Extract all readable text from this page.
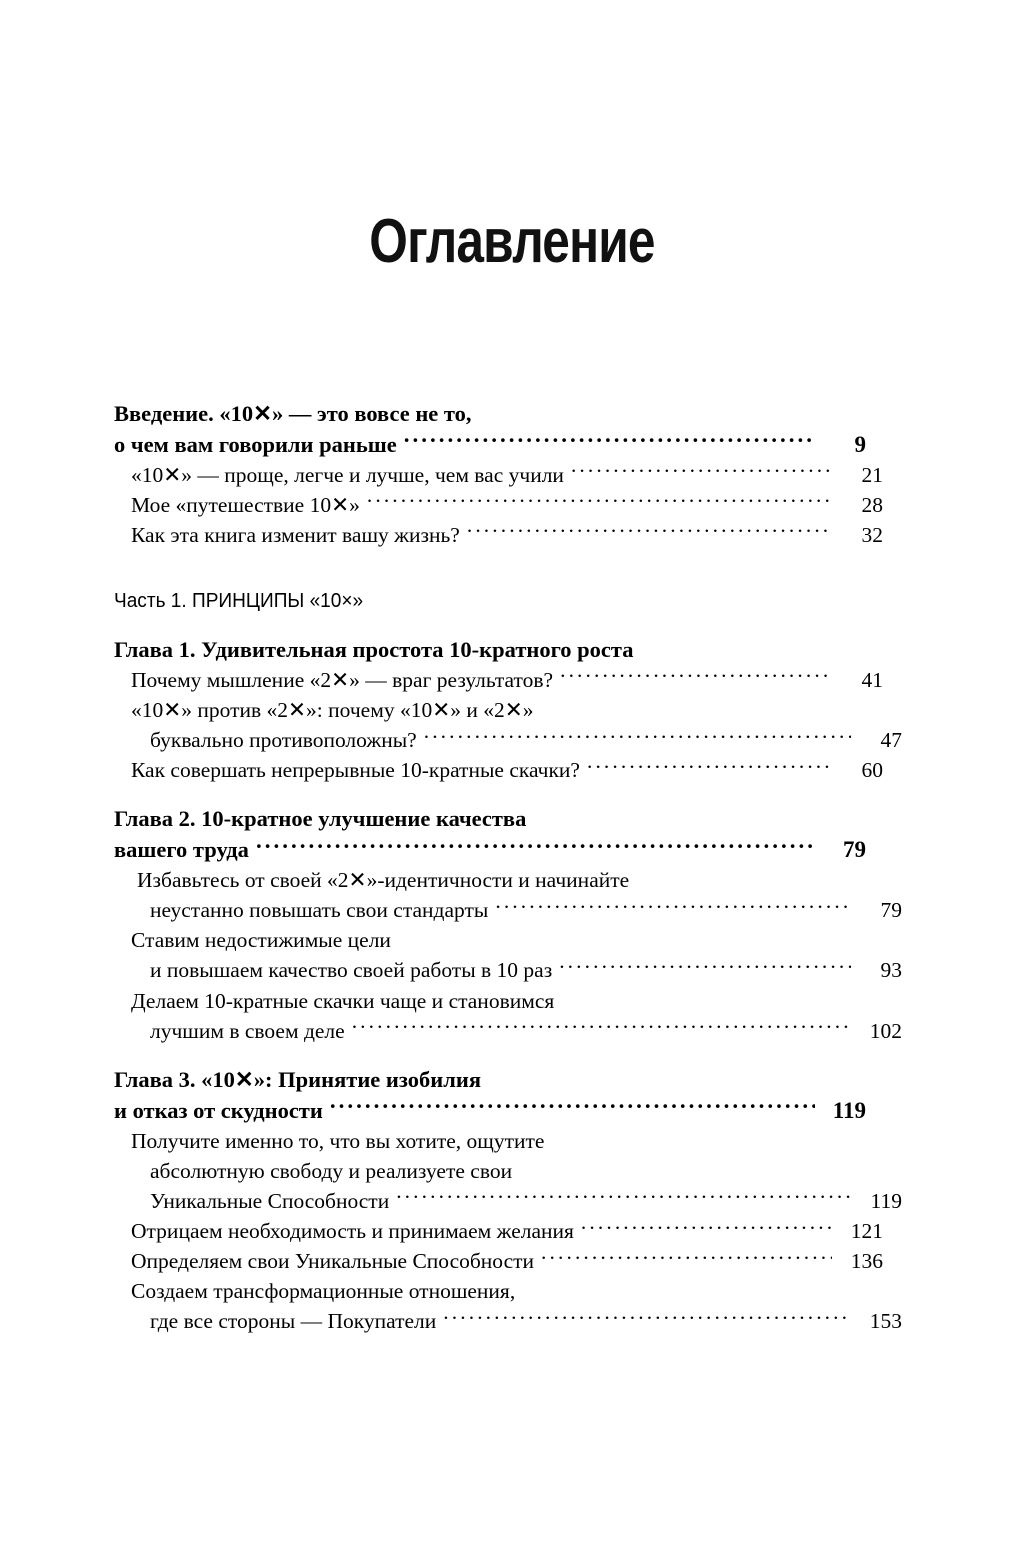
Оглавление
Введение. «10✕» — это вовсе не то,
о чем вам говорили раньше .....	9
«10✕» — проще, легче и лучше, чем вас учили .....	21
Мое «путешествие 10✕» .....	28
Как эта книга изменит вашу жизнь? .....	32
Часть 1. ПРИНЦИПЫ «10×»
Глава 1. Удивительная простота 10-кратного роста
Почему мышление «2✕» — враг результатов? .....	41
«10✕» против «2✕»: почему «10✕» и «2✕»
буквально противоположны? .....	47
Как совершать непрерывные 10-кратные скачки? .....	60
Глава 2. 10-кратное улучшение качества
вашего труда .....	79
Избавьтесь от своей «2✕»-идентичности и начинайте
неустанно повышать свои стандарты .....	79
Ставим недостижимые цели
и повышаем качество своей работы в 10 раз .....	93
Делаем 10-кратные скачки чаще и становимся
лучшим в своем деле .....	102
Глава 3. «10✕»: Принятие изобилия
и отказ от скудности .....	119
Получите именно то, что вы хотите, ощутите
абсолютную свободу и реализуете свои
Уникальные Способности .....	119
Отрицаем необходимость и принимаем желания .....	121
Определяем свои Уникальные Способности .....	136
Создаем трансформационные отношения,
где все стороны — Покупатели .....	153
